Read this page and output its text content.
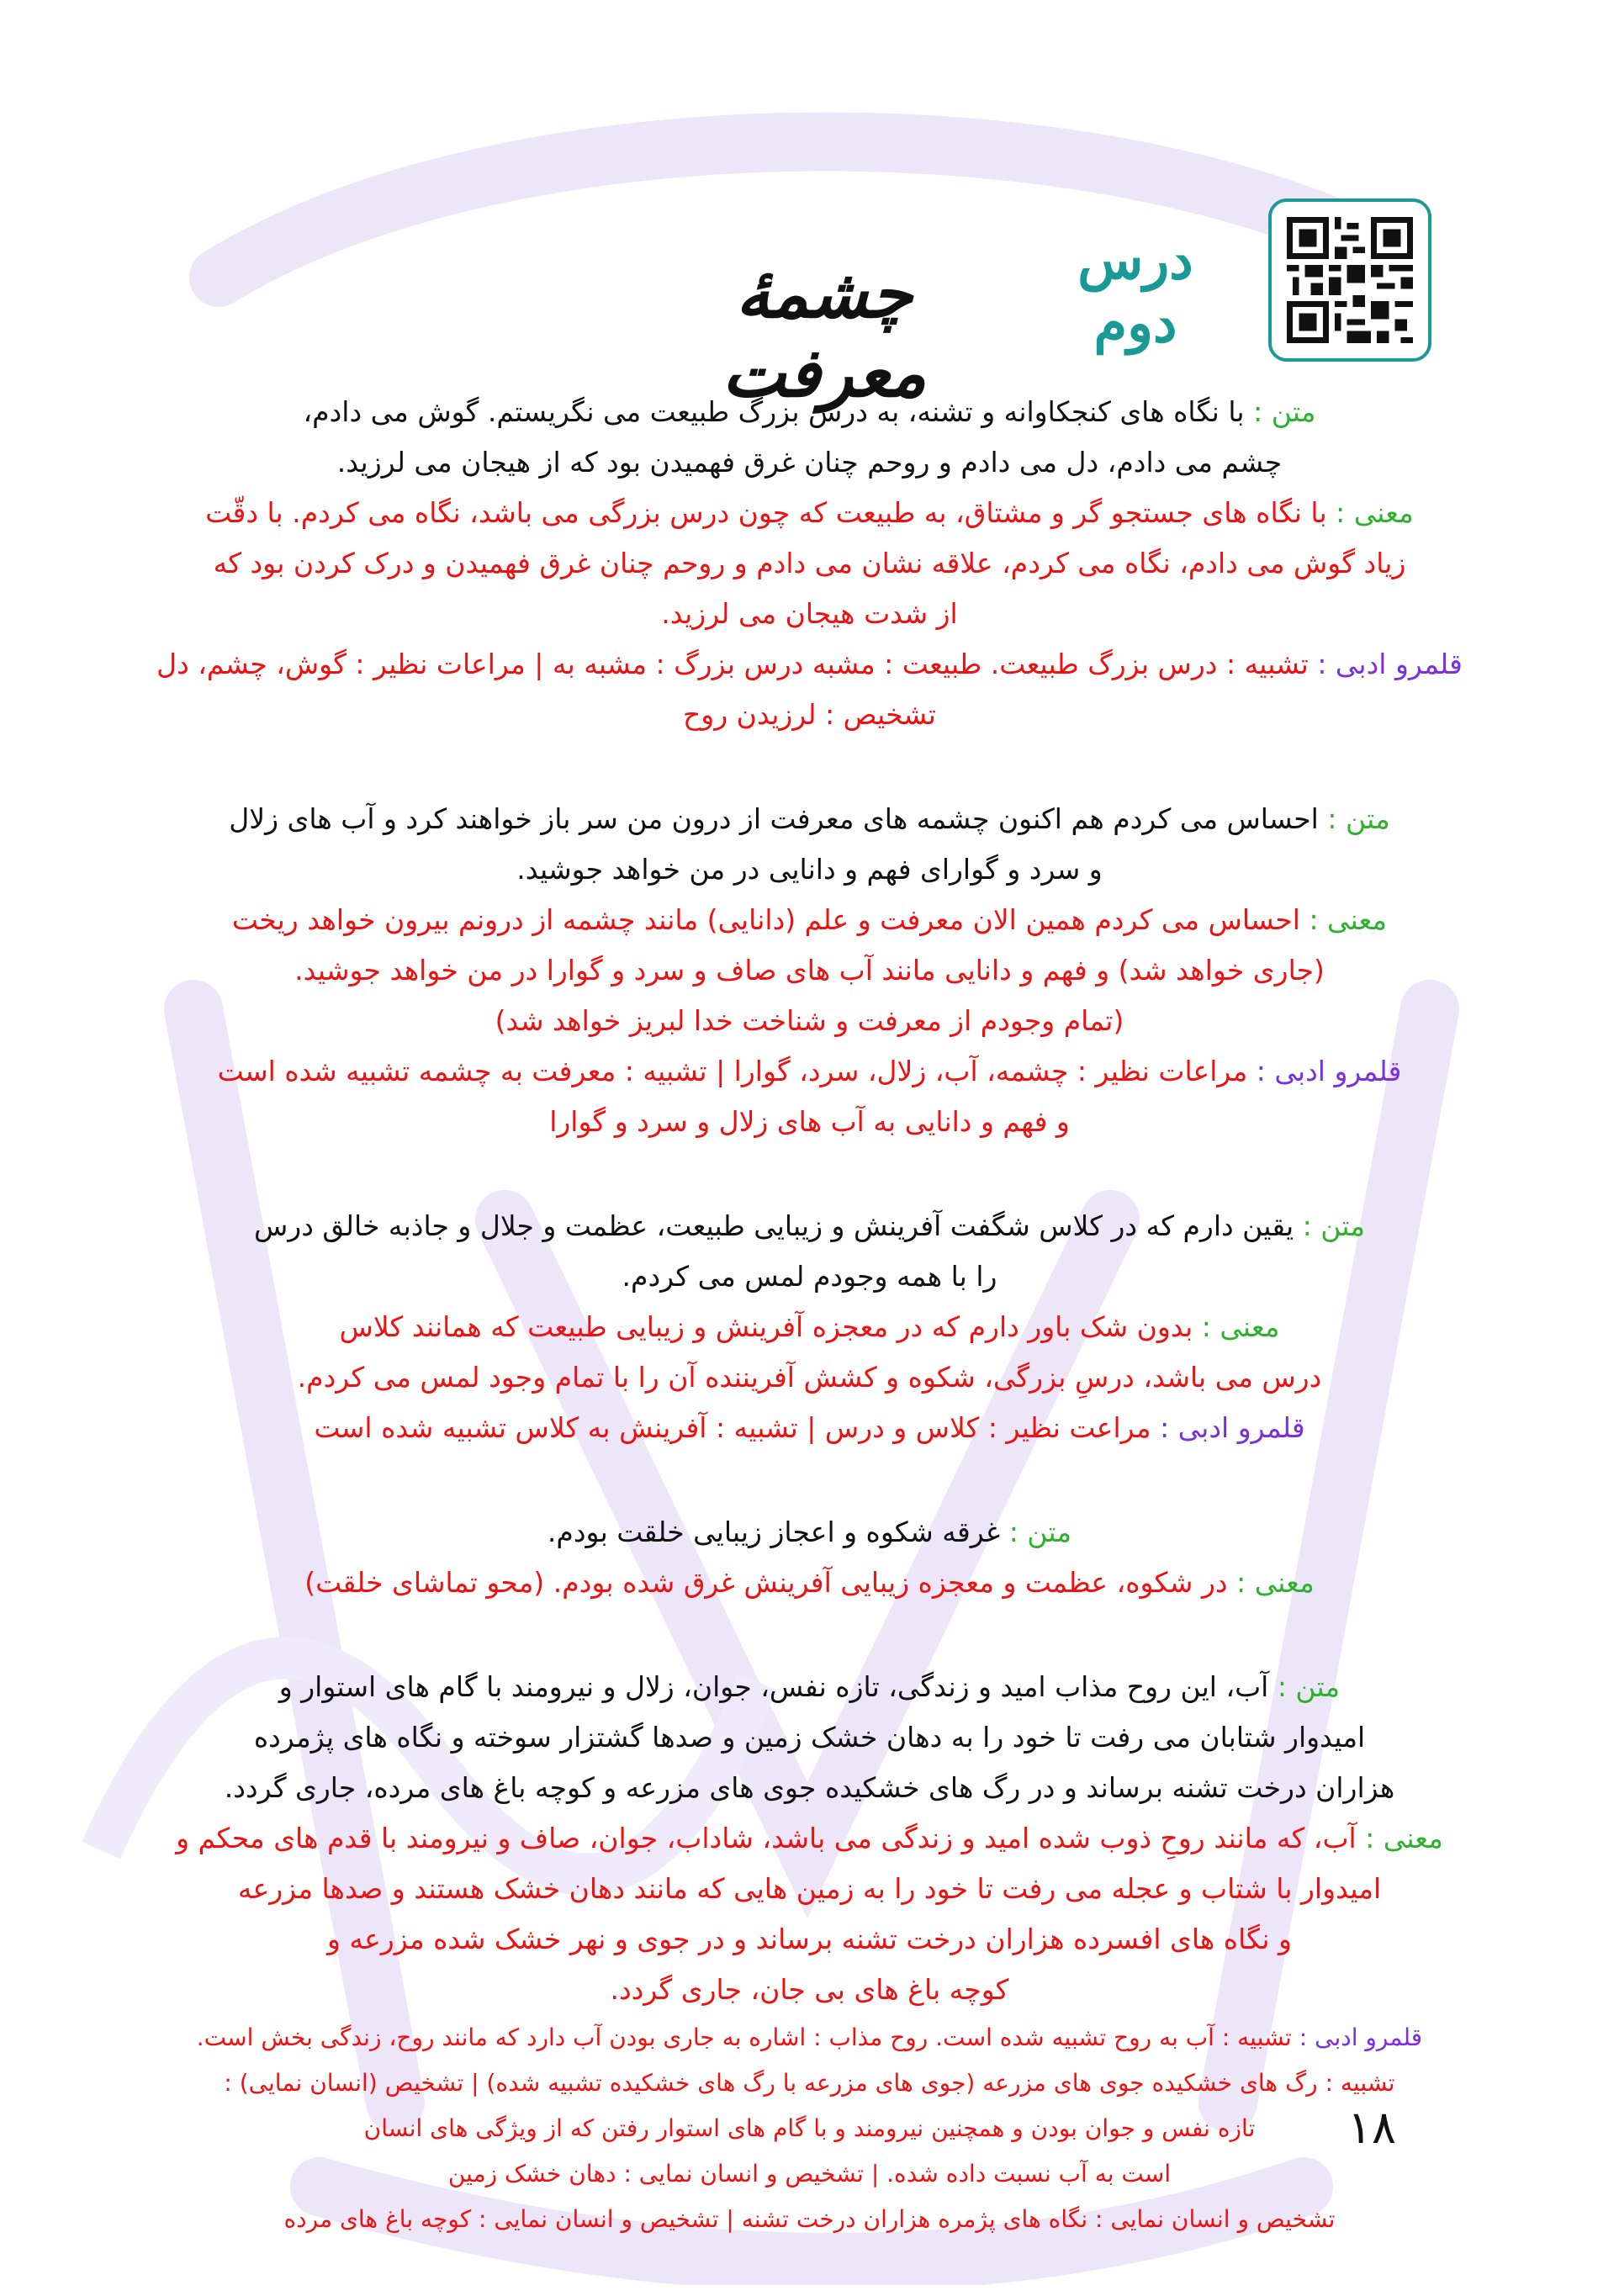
درس دوم
چشمهٔ معرفت	متن : با نگاه های کنجکاوانه و تشنه، به درس بزرگ طبیعت می نگریستم. گوش می دادم،
چشم می دادم، دل می دادم و روحم چنان غرق فهمیدن بود که از هیجان می لرزید.
معنی : با نگاه های جستجو گر و مشتاق، به طبیعت که چون درس بزرگی می باشد، نگاه می کردم. با دقّت
زیاد گوش می دادم، نگاه می کردم، علاقه نشان می دادم و روحم چنان غرق فهمیدن و درک کردن بود که
از شدت هیجان می لرزید.
قلمرو ادبی : تشبیه : درس بزرگ طبیعت. طبیعت : مشبه درس بزرگ : مشبه به | مراعات نظیر : گوش، چشم، دل
تشخیص : لرزیدن روح
متن : احساس می کردم هم اکنون چشمه های معرفت از درون من سر باز خواهند کرد و آب های زلال
و سرد و گوارای فهم و دانایی در من خواهد جوشید.
معنی : احساس می کردم همین الان معرفت و علم (دانایی) مانند چشمه از درونم بیرون خواهد ریخت
(جاری خواهد شد) و فهم و دانایی مانند آب های صاف و سرد و گوارا در من خواهد جوشید.
(تمام وجودم از معرفت و شناخت خدا لبریز خواهد شد)
قلمرو ادبی : مراعات نظیر : چشمه، آب، زلال، سرد، گوارا | تشبیه : معرفت به چشمه تشبیه شده است
و فهم و دانایی به آب های زلال و سرد و گوارا
متن : یقین دارم که در کلاس شگفت آفرینش و زیبایی طبیعت، عظمت و جلال و جاذبه خالق درس
را با همه وجودم لمس می کردم.
معنی : بدون شک باور دارم که در معجزه آفرینش و زیبایی طبیعت که همانند کلاس
درس می باشد، درسِ بزرگی، شکوه و کشش آفریننده آن را با تمام وجود لمس می کردم.
قلمرو ادبی : مراعت نظیر : کلاس و درس | تشبیه : آفرینش به کلاس تشبیه شده است
متن : غرقه شکوه و اعجاز زیبایی خلقت بودم.
معنی : در شکوه، عظمت و معجزه زیبایی آفرینش غرق شده بودم. (محو تماشای خلقت)
متن : آب، این روح مذاب امید و زندگی، تازه نفس، جوان، زلال و نیرومند با گام های استوار و
امیدوار شتابان می رفت تا خود را به دهان خشک زمین و صدها گشتزار سوخته و نگاه های پژمرده
هزاران درخت تشنه برساند و در رگ های خشکیده جوی های مزرعه و کوچه باغ های مرده، جاری گردد.
معنی : آب، که مانند روحِ ذوب شده امید و زندگی می باشد، شاداب، جوان، صاف و نیرومند با قدم های محکم و
امیدوار با شتاب و عجله می رفت تا خود را به زمین هایی که مانند دهان خشک هستند و صدها مزرعه
و نگاه های افسرده هزاران درخت تشنه برساند و در جوی و نهر خشک شده مزرعه و
کوچه باغ های بی جان، جاری گردد.
قلمرو ادبی : تشبیه : آب به روح تشبیه شده است. روح مذاب : اشاره به جاری بودن آب دارد که مانند روح، زندگی بخش است.
تشبیه : رگ های خشکیده جوی های مزرعه (جوی های مزرعه با رگ های خشکیده تشبیه شده) | تشخیص (انسان نمایی) :
تازه نفس و جوان بودن و همچنین نیرومند و با گام های استوار رفتن که از ویژگی های انسان
است به آب نسبت داده شده. | تشخیص و انسان نمایی : دهان خشک زمین
تشخیص و انسان نمایی : نگاه های پژمره هزاران درخت تشنه | تشخیص و انسان نمایی : کوچه باغ های مرده
۱۸
